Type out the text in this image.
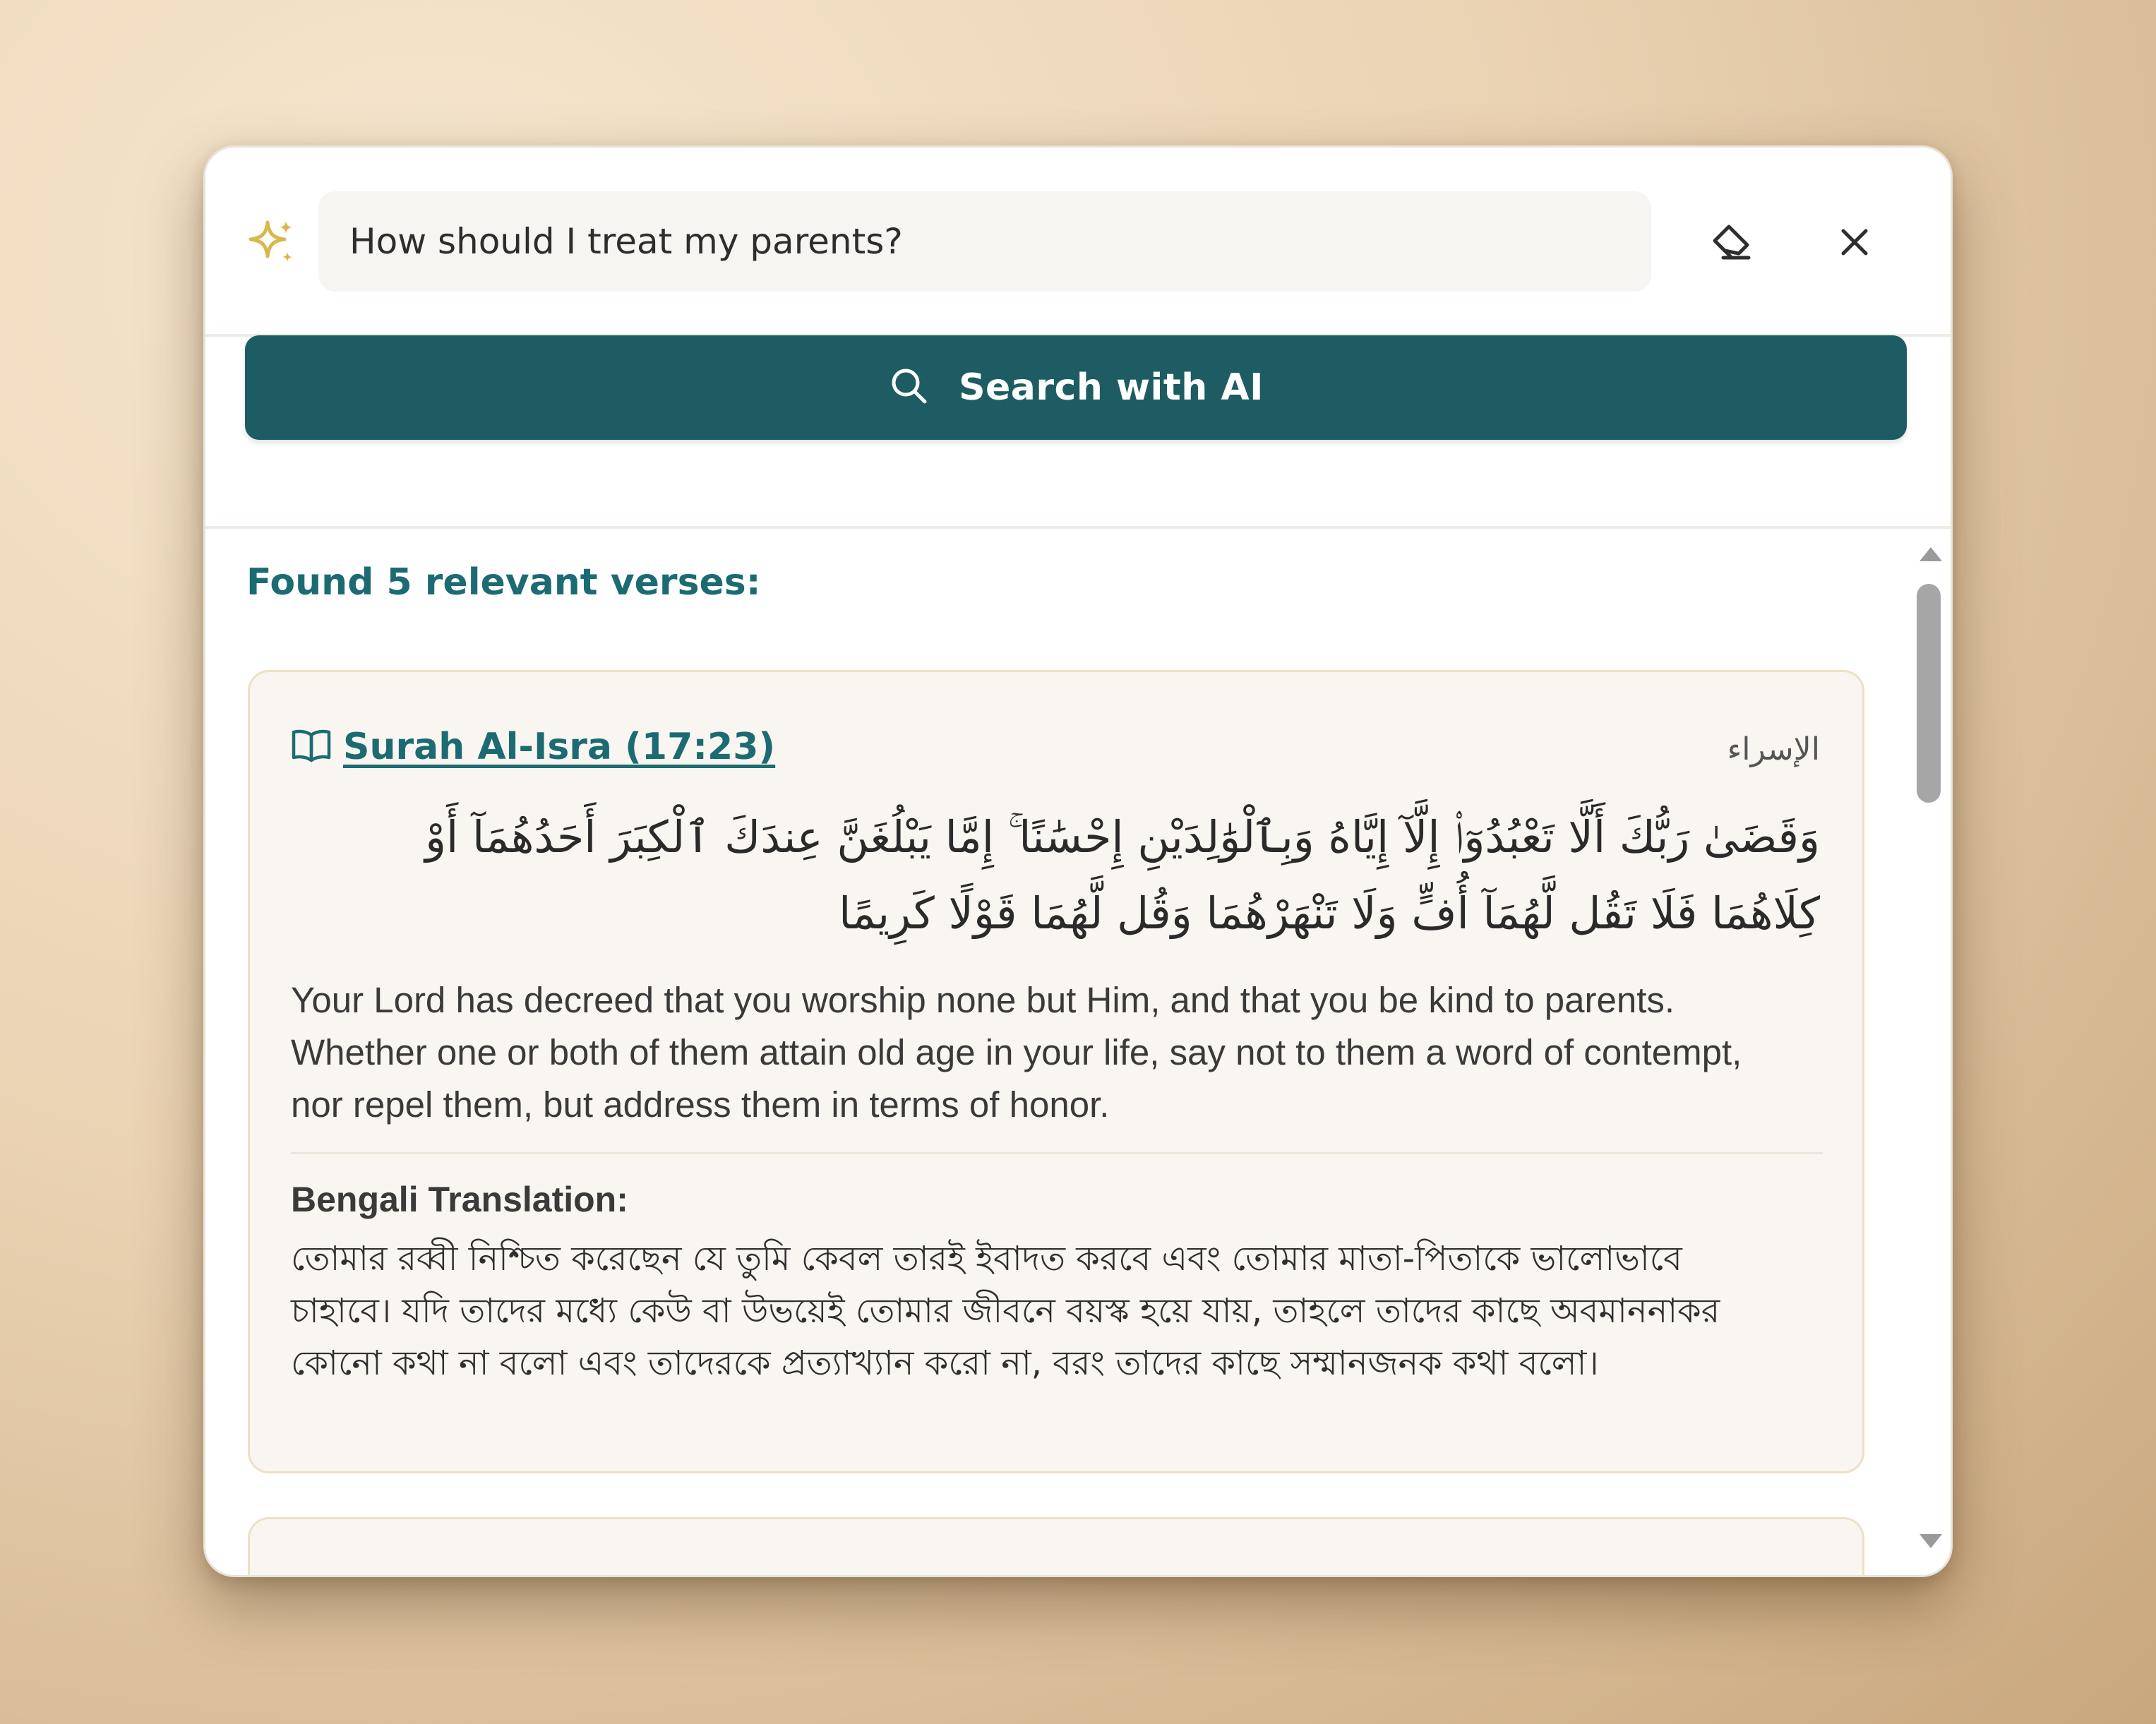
How should I treat my parents?
Search with AI
Found 5 relevant verses:
Surah Al-Isra (17:23)	الإسراء

وَقَضَىٰ رَبُّكَ أَلَّا تَعْبُدُوٓا۟ إِلَّآ إِيَّاهُ وَبِٱلْوَٰلِدَيْنِ إِحْسَٰنًا ۚ إِمَّا يَبْلُغَنَّ عِندَكَ ٱلْكِبَرَ أَحَدُهُمَآ أَوْ كِلَاهُمَا فَلَا تَقُل لَّهُمَآ أُفٍّ وَلَا تَنْهَرْهُمَا وَقُل لَّهُمَا قَوْلًا كَرِيمًا

Your Lord has decreed that you worship none but Him, and that you be kind to parents. Whether one or both of them attain old age in your life, say not to them a word of contempt, nor repel them, but address them in terms of honor.

Bengali Translation:

তোমার রব্বী নিশ্চিত করেছেন যে তুমি কেবল তারই ইবাদত করবে এবং তোমার মাতা-পিতাকে ভালোভাবে চাহাবে। যদি তাদের মধ্যে কেউ বা উভয়েই তোমার জীবনে বয়স্ক হয়ে যায়, তাহলে তাদের কাছে অবমাননাকর কোনো কথা না বলো এবং তাদেরকে প্রত্যাখ্যান করো না, বরং তাদের কাছে সম্মানজনক কথা বলো।
